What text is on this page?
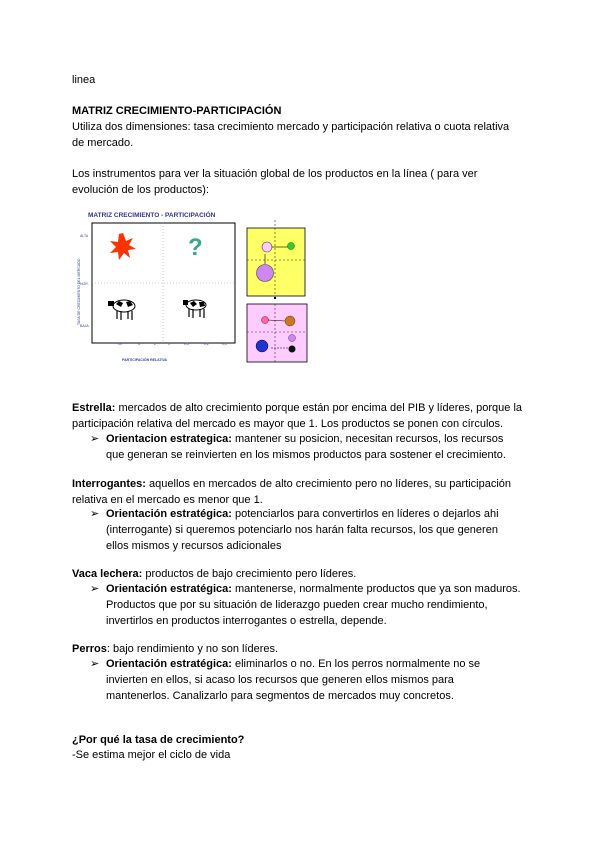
linea
MATRIZ CRECIMIENTO-PARTICIPACIÓN
Utiliza dos dimensiones: tasa crecimiento mercado y participación relativa o cuota relativa
de mercado.
Los instrumentos para ver la situación global de los productos en la línea ( para ver
evolución de los productos):
MATRIZ CRECIMIENTO - PARTICIPACIÓN
TASA DE CRECIMIENTO DEL MERCADO
ALTA
NOR.
BAJA
?
1x	4	2	1	0,5	0,2	0,1
PARTICIPACIÓN RELATIVA
Estrella: mercados de alto crecimiento porque están por encima del PIB y líderes, porque la
participación relativa del mercado es mayor que 1. Los productos se ponen con círculos.
➢ Orientacion estrategica: mantener su posicion, necesitan recursos, los recursos
que generan se reinvierten en los mismos productos para sostener el crecimiento.
Interrogantes: aquellos en mercados de alto crecimiento pero no líderes, su participación
relativa en el mercado es menor que 1.
➢ Orientación estratégica: potenciarlos para convertirlos en líderes o dejarlos ahi
(interrogante) si queremos potenciarlo nos harán falta recursos, los que generen
ellos mismos y recursos adicionales
Vaca lechera: productos de bajo crecimiento pero líderes.
➢ Orientación estratégica: mantenerse, normalmente productos que ya son maduros.
Productos que por su situación de liderazgo pueden crear mucho rendimiento,
invertirlos en productos interrogantes o estrella, depende.
Perros: bajo rendimiento y no son líderes.
➢ Orientación estratégica: eliminarlos o no. En los perros normalmente no se
invierten en ellos, si acaso los recursos que generen ellos mismos para
mantenerlos. Canalizarlo para segmentos de mercados muy concretos.
¿Por qué la tasa de crecimiento?
-Se estima mejor el ciclo de vida
